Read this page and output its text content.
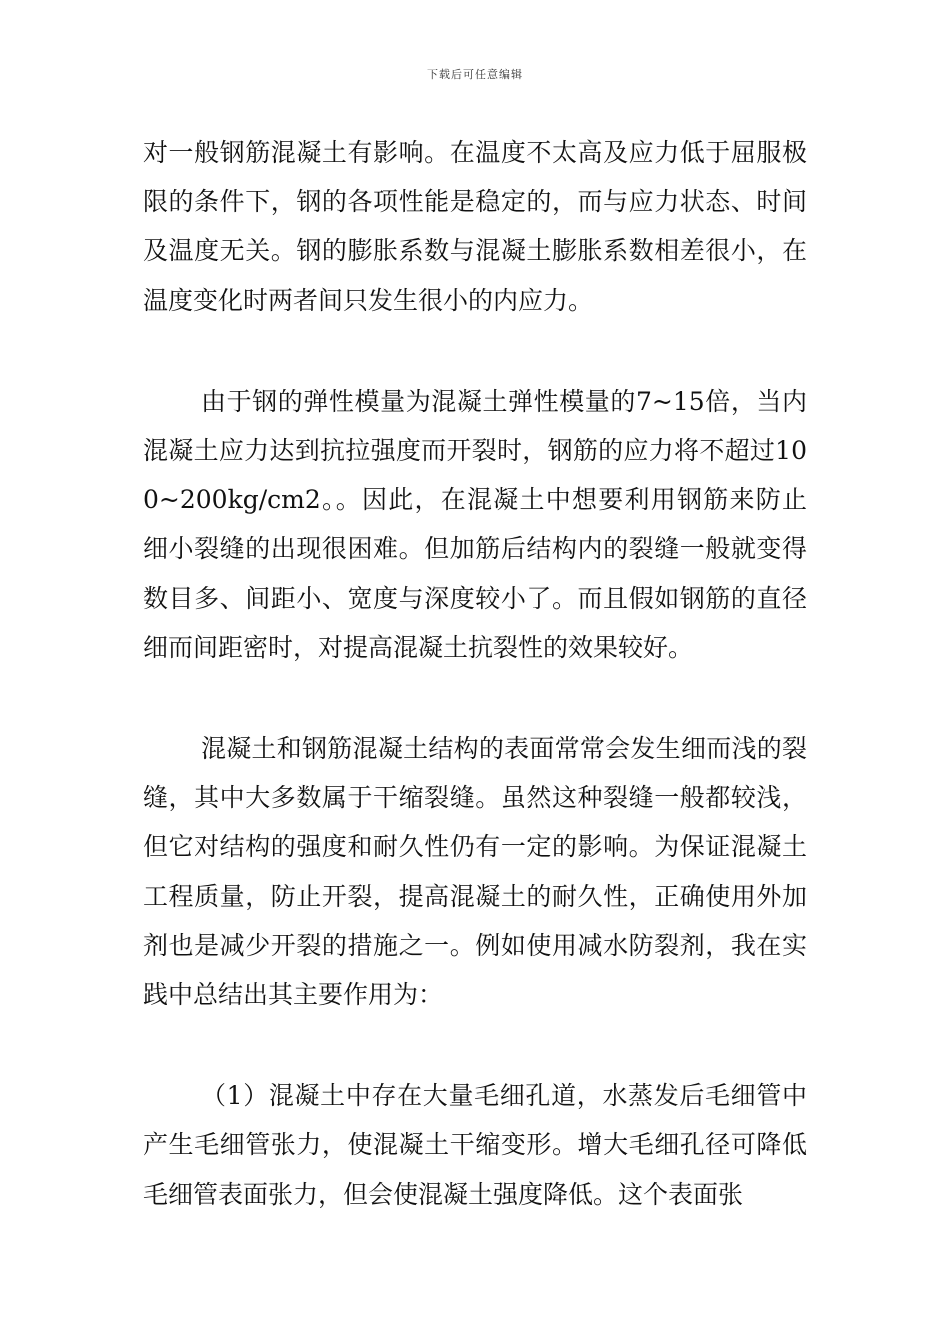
下载后可任意编辑

对一般钢筋混凝土有影响。在温度不太高及应力低于屈服极限的条件下，钢的各项性能是稳定的，而与应力状态、时间及温度无关。钢的膨胀系数与混凝土膨胀系数相差很小，在温度变化时两者间只发生很小的内应力。

由于钢的弹性模量为混凝土弹性模量的7~15倍，当内混凝土应力达到抗拉强度而开裂时，钢筋的应力将不超过100~200kg/cm2。。因此，在混凝土中想要利用钢筋来防止细小裂缝的出现很困难。但加筋后结构内的裂缝一般就变得数目多、间距小、宽度与深度较小了。而且假如钢筋的直径细而间距密时，对提高混凝土抗裂性的效果较好。

混凝土和钢筋混凝土结构的表面常常会发生细而浅的裂缝，其中大多数属于干缩裂缝。虽然这种裂缝一般都较浅，但它对结构的强度和耐久性仍有一定的影响。为保证混凝土工程质量，防止开裂，提高混凝土的耐久性，正确使用外加剂也是减少开裂的措施之一。例如使用减水防裂剂，我在实践中总结出其主要作用为：

（1）混凝土中存在大量毛细孔道，水蒸发后毛细管中产生毛细管张力，使混凝土干缩变形。增大毛细孔径可降低毛细管表面张力，但会使混凝土强度降低。这个表面张
